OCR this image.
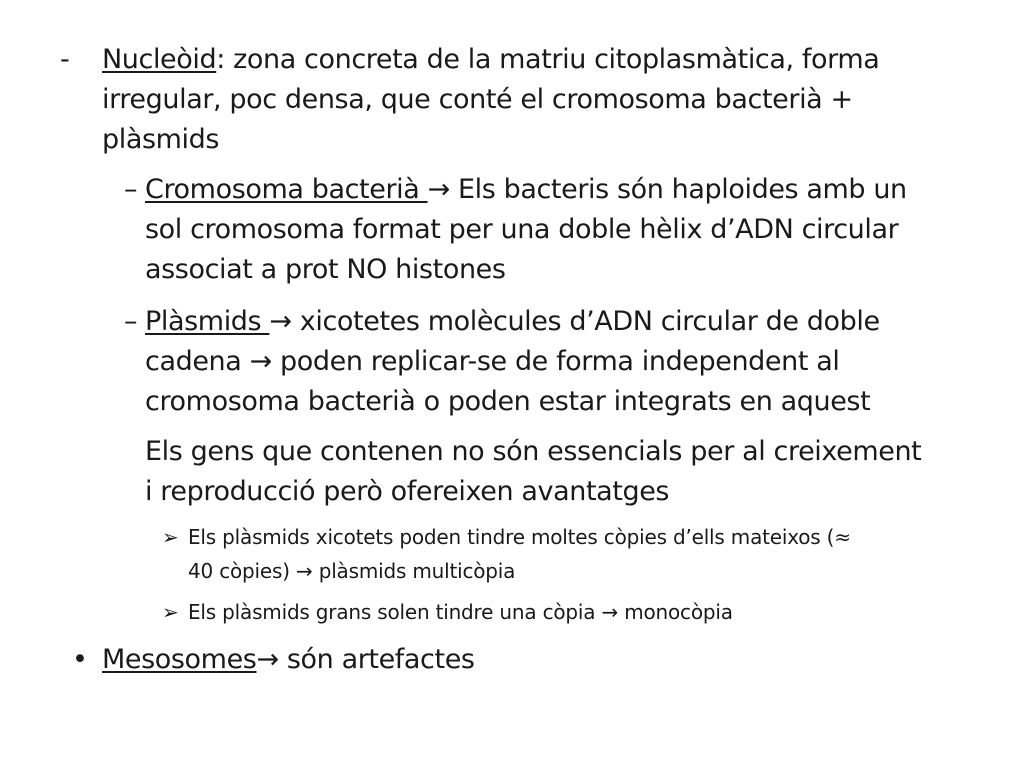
- Nucleòid: zona concreta de la matriu citoplasmàtica, forma
irregular, poc densa, que conté el cromosoma bacterià +
plàsmids
– Cromosoma bacterià → Els bacteris són haploides amb un
sol cromosoma format per una doble hèlix d’ADN circular
associat a prot NO histones
– Plàsmids → xicotetes molècules d’ADN circular de doble
cadena → poden replicar-se de forma independent al
cromosoma bacterià o poden estar integrats en aquest
Els gens que contenen no són essencials per al creixement
i reproducció però ofereixen avantatges
➢ Els plàsmids xicotets poden tindre moltes còpies d’ells mateixos (≈
40 còpies) → plàsmids multicòpia
➢ Els plàsmids grans solen tindre una còpia → monocòpia
• Mesosomes→ són artefactes
